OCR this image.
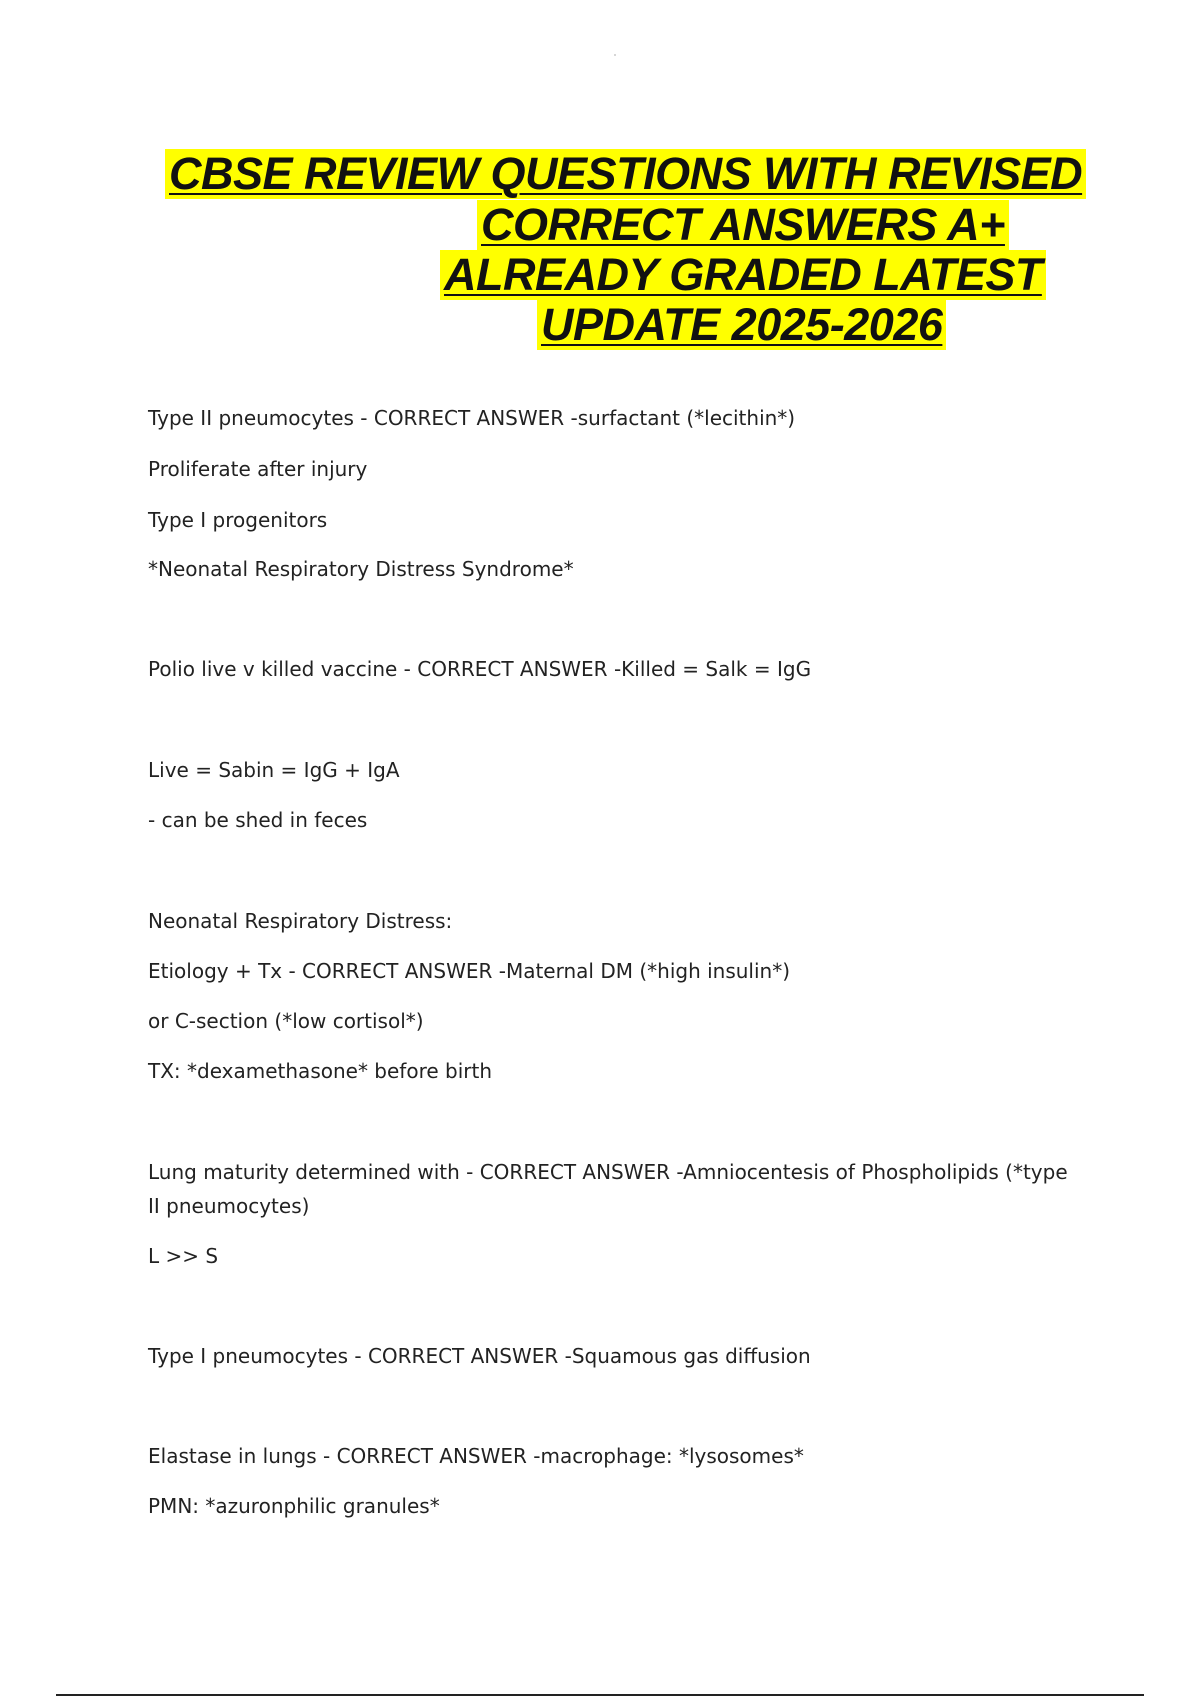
CBSE REVIEW QUESTIONS WITH REVISED
CORRECT ANSWERS A+
ALREADY GRADED LATEST
UPDATE 2025-2026
Type II pneumocytes - CORRECT ANSWER -surfactant (*lecithin*)
Proliferate after injury
Type I progenitors
*Neonatal Respiratory Distress Syndrome*
Polio live v killed vaccine - CORRECT ANSWER -Killed = Salk = IgG
Live = Sabin = IgG + IgA
- can be shed in feces
Neonatal Respiratory Distress:
Etiology + Tx - CORRECT ANSWER -Maternal DM (*high insulin*)
or C-section (*low cortisol*)
TX: *dexamethasone* before birth
Lung maturity determined with - CORRECT ANSWER -Amniocentesis of Phospholipids (*type II pneumocytes)
L >> S
Type I pneumocytes - CORRECT ANSWER -Squamous gas diffusion
Elastase in lungs - CORRECT ANSWER -macrophage: *lysosomes*
PMN: *azuronphilic granules*
